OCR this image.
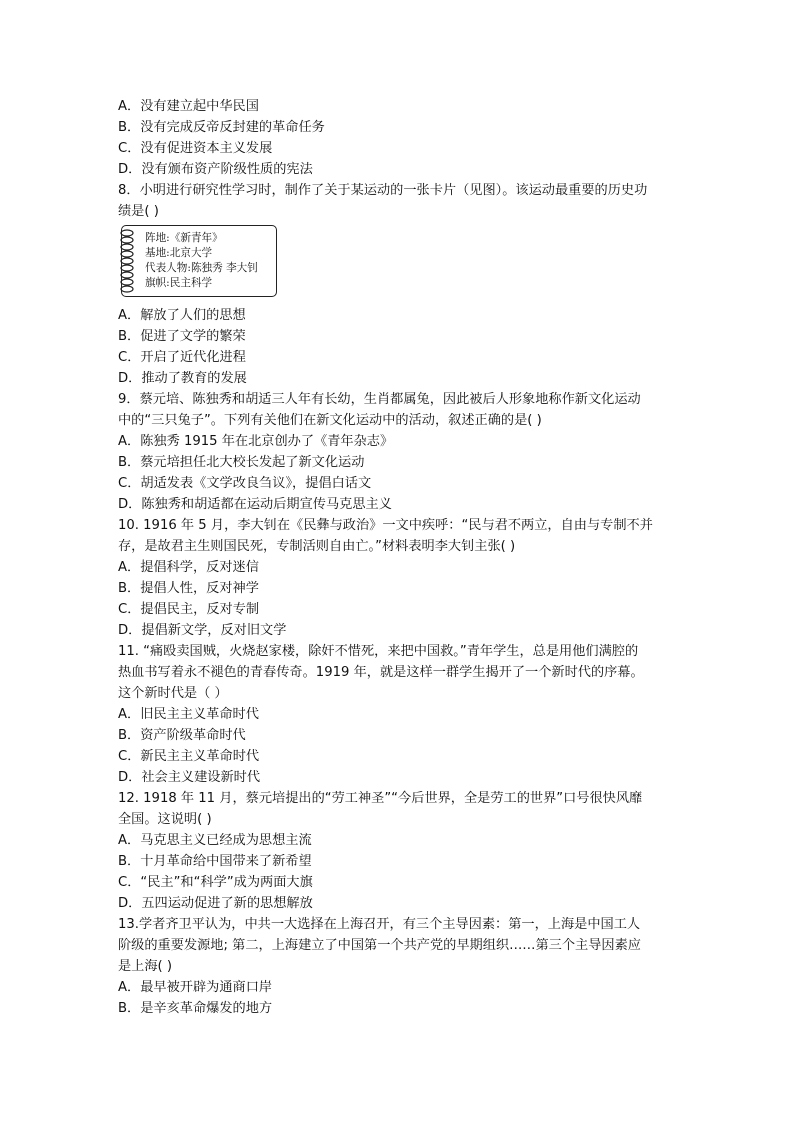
A．没有建立起中华民国
B．没有完成反帝反封建的革命任务
C．没有促进资本主义发展
D．没有颁布资产阶级性质的宪法
8．小明进行研究性学习时，制作了关于某运动的一张卡片（见图）。该运动最重要的历史功
绩是( )
阵地:《新青年》
基地:北京大学
代表人物:陈独秀 李大钊
旗帜:民主科学
A．解放了人们的思想
B．促进了文学的繁荣
C．开启了近代化进程
D．推动了教育的发展
9．蔡元培、陈独秀和胡适三人年有长幼，生肖都属兔，因此被后人形象地称作新文化运动
中的“三只兔子”。下列有关他们在新文化运动中的活动，叙述正确的是( )
A．陈独秀 1915 年在北京创办了《青年杂志》
B．蔡元培担任北大校长发起了新文化运动
C．胡适发表《文学改良刍议》，提倡白话文
D．陈独秀和胡适都在运动后期宣传马克思主义
10. 1916 年 5 月，李大钊在《民彝与政治》一文中疾呼：“民与君不两立，自由与专制不并
存，是故君主生则国民死，专制活则自由亡。”材料表明李大钊主张( )
A．提倡科学，反对迷信
B．提倡人性，反对神学
C．提倡民主，反对专制
D．提倡新文学，反对旧文学
11. “痛殴卖国贼，火烧赵家楼，除奸不惜死，来把中国救。”青年学生，总是用他们满腔的
热血书写着永不褪色的青春传奇。1919 年，就是这样一群学生揭开了一个新时代的序幕。
这个新时代是（ ）
A．旧民主主义革命时代
B．资产阶级革命时代
C．新民主主义革命时代
D．社会主义建设新时代
12. 1918 年 11 月，蔡元培提出的“劳工神圣”“今后世界，全是劳工的世界”口号很快风靡
全国。这说明( )
A．马克思主义已经成为思想主流
B．十月革命给中国带来了新希望
C．“民主”和“科学”成为两面大旗
D．五四运动促进了新的思想解放
13.学者齐卫平认为，中共一大选择在上海召开，有三个主导因素：第一，上海是中国工人
阶级的重要发源地; 第二，上海建立了中国第一个共产党的早期组织……第三个主导因素应
是上海( )
A．最早被开辟为通商口岸
B．是辛亥革命爆发的地方
